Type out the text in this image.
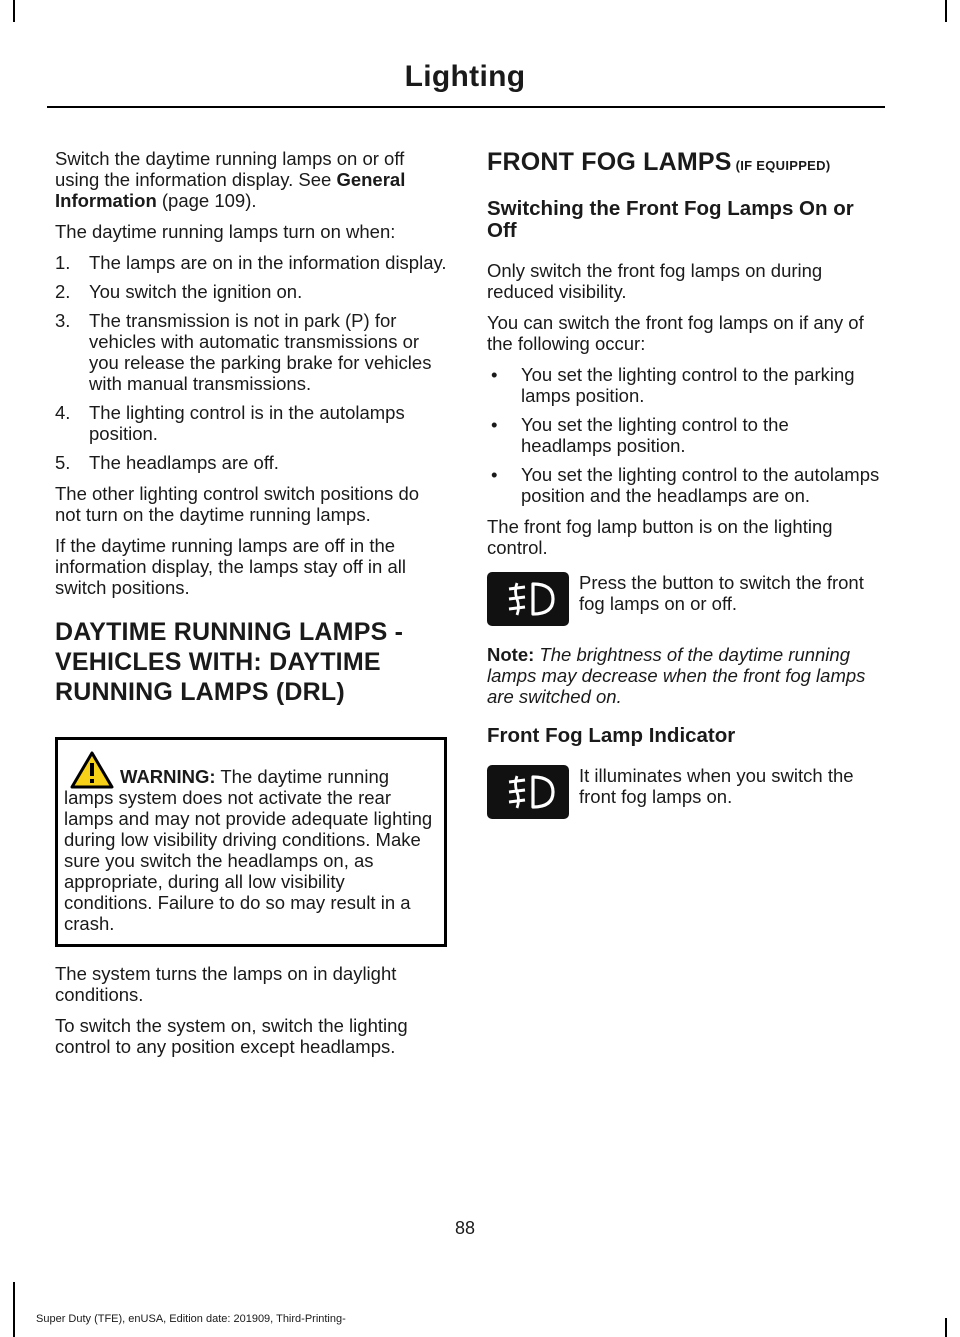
Lighting

Switch the daytime running lamps on or off using the information display. See General Information (page 109).

The daytime running lamps turn on when:

1. The lamps are on in the information display.
2. You switch the ignition on.
3. The transmission is not in park (P) for vehicles with automatic transmissions or you release the parking brake for vehicles with manual transmissions.
4. The lighting control is in the autolamps position.
5. The headlamps are off.

The other lighting control switch positions do not turn on the daytime running lamps.

If the daytime running lamps are off in the information display, the lamps stay off in all switch positions.

DAYTIME RUNNING LAMPS -
VEHICLES WITH: DAYTIME
RUNNING LAMPS (DRL)
WARNING: The daytime running lamps system does not activate the rear lamps and may not provide adequate lighting during low visibility driving conditions. Make sure you switch the headlamps on, as appropriate, during all low visibility conditions. Failure to do so may result in a crash.

The system turns the lamps on in daylight conditions.

To switch the system on, switch the lighting control to any position except headlamps.

FRONT FOG LAMPS (IF EQUIPPED)
Switching the Front Fog Lamps On or Off

Only switch the front fog lamps on during reduced visibility.

You can switch the front fog lamps on if any of the following occur:

• You set the lighting control to the parking lamps position.
• You set the lighting control to the headlamps position.
• You set the lighting control to the autolamps position and the headlamps are on.

The front fog lamp button is on the lighting control.

Press the button to switch the front fog lamps on or off.

Note: The brightness of the daytime running lamps may decrease when the front fog lamps are switched on.

Front Fog Lamp Indicator
It illuminates when you switch the front fog lamps on.
88
Super Duty (TFE), enUSA, Edition date: 201909, Third-Printing-
